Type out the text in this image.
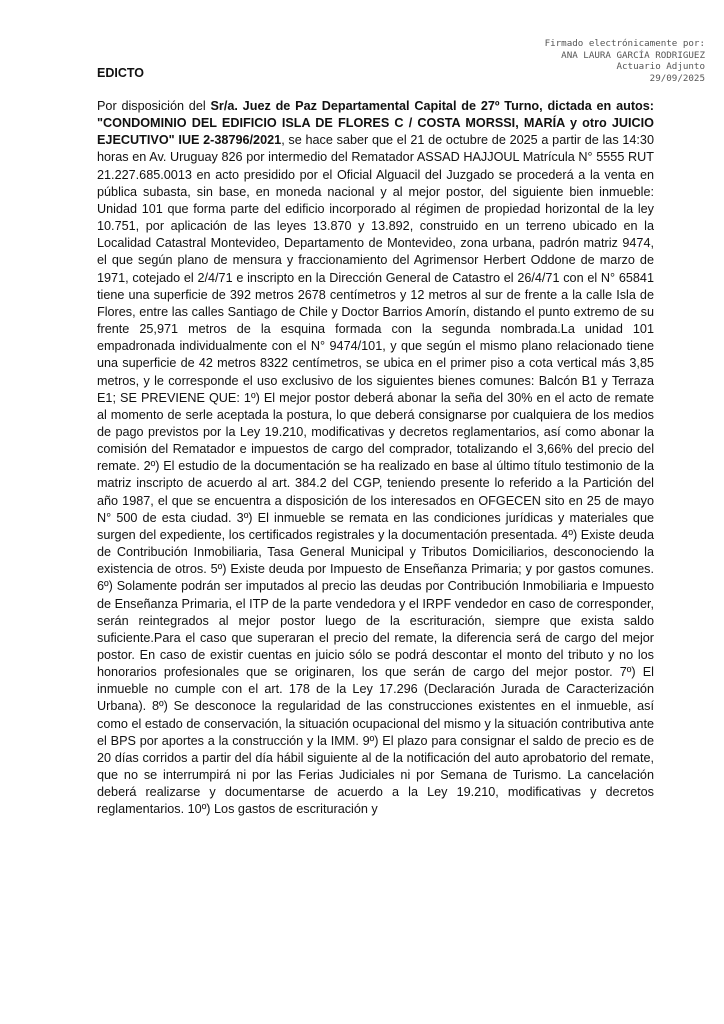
Firmado electrónicamente por:
ANA LAURA GARCÍA RODRIGUEZ
Actuario Adjunto
29/09/2025
EDICTO

Por disposición del Sr/a. Juez de Paz Departamental Capital de 27º Turno, dictada en autos: "CONDOMINIO DEL EDIFICIO ISLA DE FLORES C / COSTA MORSSI, MARÍA y otro JUICIO EJECUTIVO" IUE 2-38796/2021, se hace saber que el 21 de octubre de 2025 a partir de las 14:30 horas en Av. Uruguay 826 por intermedio del Rematador ASSAD HAJJOUL Matrícula N° 5555 RUT 21.227.685.0013 en acto presidido por el Oficial Alguacil del Juzgado se procederá a la venta en pública subasta, sin base, en moneda nacional y al mejor postor, del siguiente bien inmueble: Unidad 101 que forma parte del edificio incorporado al régimen de propiedad horizontal de la ley 10.751, por aplicación de las leyes 13.870 y 13.892, construido en un terreno ubicado en la Localidad Catastral Montevideo, Departamento de Montevideo, zona urbana, padrón matriz 9474, el que según plano de mensura y fraccionamiento del Agrimensor Herbert Oddone de marzo de 1971, cotejado el 2/4/71 e inscripto en la Dirección General de Catastro el 26/4/71 con el N° 65841 tiene una superficie de 392 metros 2678 centímetros y 12 metros al sur de frente a la calle Isla de Flores, entre las calles Santiago de Chile y Doctor Barrios Amorín, distando el punto extremo de su frente 25,971 metros de la esquina formada con la segunda nombrada.La unidad 101 empadronada individualmente con el N° 9474/101, y que según el mismo plano relacionado tiene una superficie de 42 metros 8322 centímetros, se ubica en el primer piso a cota vertical más 3,85 metros, y le corresponde el uso exclusivo de los siguientes bienes comunes: Balcón B1 y Terraza E1; SE PREVIENE QUE: 1º) El mejor postor deberá abonar la seña del 30% en el acto de remate al momento de serle aceptada la postura, lo que deberá consignarse por cualquiera de los medios de pago previstos por la Ley 19.210, modificativas y decretos reglamentarios, así como abonar la comisión del Rematador e impuestos de cargo del comprador, totalizando el 3,66% del precio del remate. 2º) El estudio de la documentación se ha realizado en base al último título testimonio de la matriz inscripto de acuerdo al art. 384.2 del CGP, teniendo presente lo referido a la Partición del año 1987, el que se encuentra a disposición de los interesados en OFGECEN sito en 25 de mayo N° 500 de esta ciudad. 3º) El inmueble se remata en las condiciones jurídicas y materiales que surgen del expediente, los certificados registrales y la documentación presentada. 4º) Existe deuda de Contribución Inmobiliaria, Tasa General Municipal y Tributos Domiciliarios, desconociendo la existencia de otros. 5º) Existe deuda por Impuesto de Enseñanza Primaria; y por gastos comunes. 6º) Solamente podrán ser imputados al precio las deudas por Contribución Inmobiliaria e Impuesto de Enseñanza Primaria, el ITP de la parte vendedora y el IRPF vendedor en caso de corresponder, serán reintegrados al mejor postor luego de la escrituración, siempre que exista saldo suficiente.Para el caso que superaran el precio del remate, la diferencia será de cargo del mejor postor. En caso de existir cuentas en juicio sólo se podrá descontar el monto del tributo y no los honorarios profesionales que se originaren, los que serán de cargo del mejor postor. 7º) El inmueble no cumple con el art. 178 de la Ley 17.296 (Declaración Jurada de Caracterización Urbana). 8º) Se desconoce la regularidad de las construcciones existentes en el inmueble, así como el estado de conservación, la situación ocupacional del mismo y la situación contributiva ante el BPS por aportes a la construcción y la IMM. 9º) El plazo para consignar el saldo de precio es de 20 días corridos a partir del día hábil siguiente al de la notificación del auto aprobatorio del remate, que no se interrumpirá ni por las Ferias Judiciales ni por Semana de Turismo. La cancelación deberá realizarse y documentarse de acuerdo a la Ley 19.210, modificativas y decretos reglamentarios. 10º) Los gastos de escrituración y
